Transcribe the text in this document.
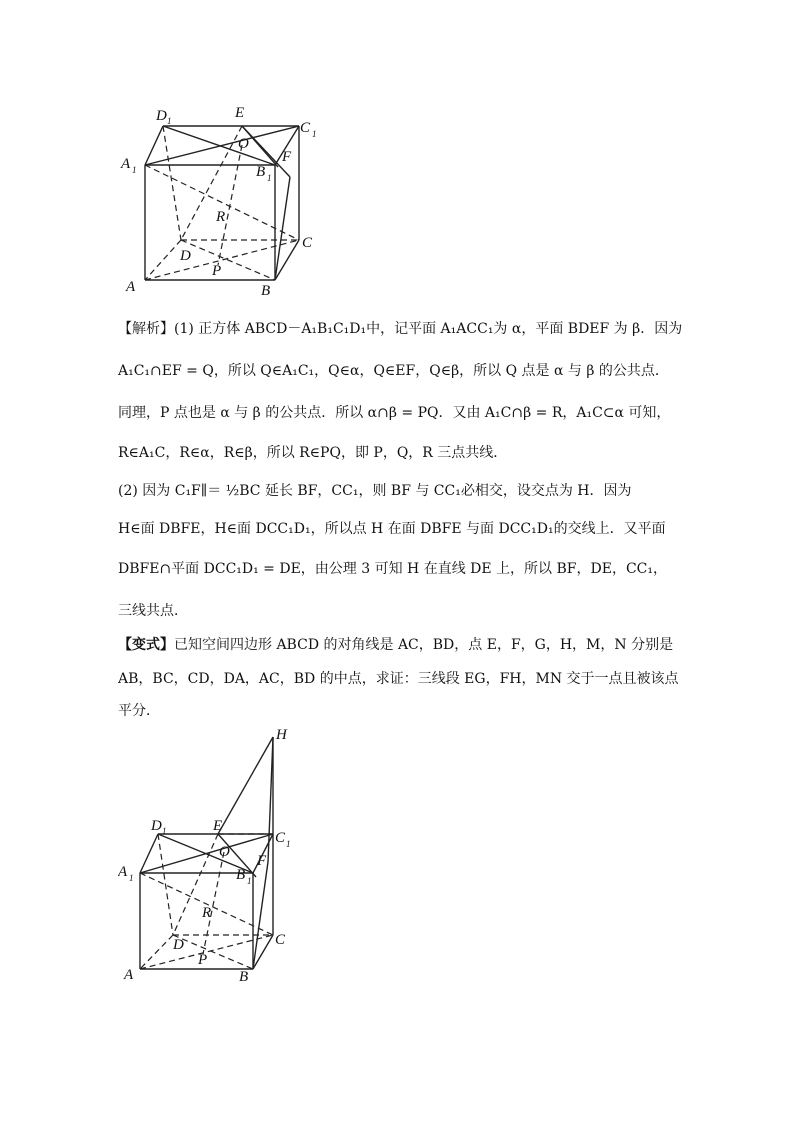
D 1	E
C 1
A 1
O
B 1
F
R
D
C
P
A	B
【解析】(1) 正方体 ABCD－A₁B₁C₁D₁中，记平面 A₁ACC₁为 α，平面 BDEF 为 β．因为
A₁C₁∩EF = Q，所以 Q∈A₁C₁，Q∈α，Q∈EF，Q∈β，所以 Q 点是 α 与 β 的公共点．
同理，P 点也是 α 与 β 的公共点．所以 α∩β = PQ．又由 A₁C∩β = R，A₁C⊂α 可知，
R∈A₁C，R∈α，R∈β，所以 R∈PQ，即 P，Q，R 三点共线．
(2) 因为 C₁F∥＝ ½BC 延长 BF，CC₁，则 BF 与 CC₁必相交，设交点为 H．因为
H∈面 DBFE，H∈面 DCC₁D₁，所以点 H 在面 DBFE 与面 DCC₁D₁的交线上．又平面
DBFE∩平面 DCC₁D₁ = DE，由公理 3 可知 H 在直线 DE 上，所以 BF，DE，CC₁，
三线共点．
【变式】已知空间四边形 ABCD 的对角线是 AC，BD，点 E，F，G，H，M，N 分别是
AB，BC，CD，DA，AC，BD 的中点，求证：三线段 EG，FH，MN 交于一点且被该点
平分．
H
D 1	E
C 1
A 1
O
B 1
F
R
D	C
P
A	B
